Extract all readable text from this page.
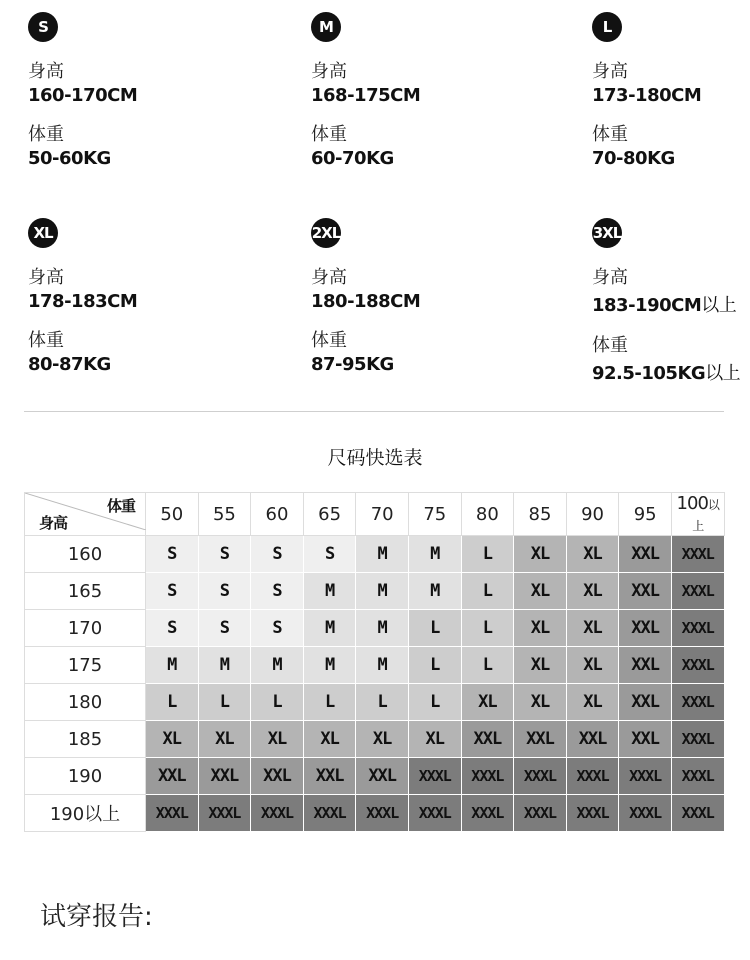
S
身高
160-170CM
体重
50-60KG
M
身高
168-175CM
体重
60-70KG
L
身高
173-180CM
体重
70-80KG
XL
身高
178-183CM
体重
80-87KG
2XL
身高
180-188CM
体重
87-95KG
3XL
身高
183-190CM以上
体重
92.5-105KG以上
尺码快选表
体重
身高	50	55	60	65	70	75	80	85	90	95	100以上
160	S	S	S	S	M	M	L	XL	XL	XXL	XXXL
165	S	S	S	M	M	M	L	XL	XL	XXL	XXXL
170	S	S	S	M	M	L	L	XL	XL	XXL	XXXL
175	M	M	M	M	M	L	L	XL	XL	XXL	XXXL
180	L	L	L	L	L	L	XL	XL	XL	XXL	XXXL
185	XL	XL	XL	XL	XL	XL	XXL	XXL	XXL	XXL	XXXL
190	XXL	XXL	XXL	XXL	XXL	XXXL	XXXL	XXXL	XXXL	XXXL	XXXL
190以上	XXXL	XXXL	XXXL	XXXL	XXXL	XXXL	XXXL	XXXL	XXXL	XXXL	XXXL
试穿报告:
